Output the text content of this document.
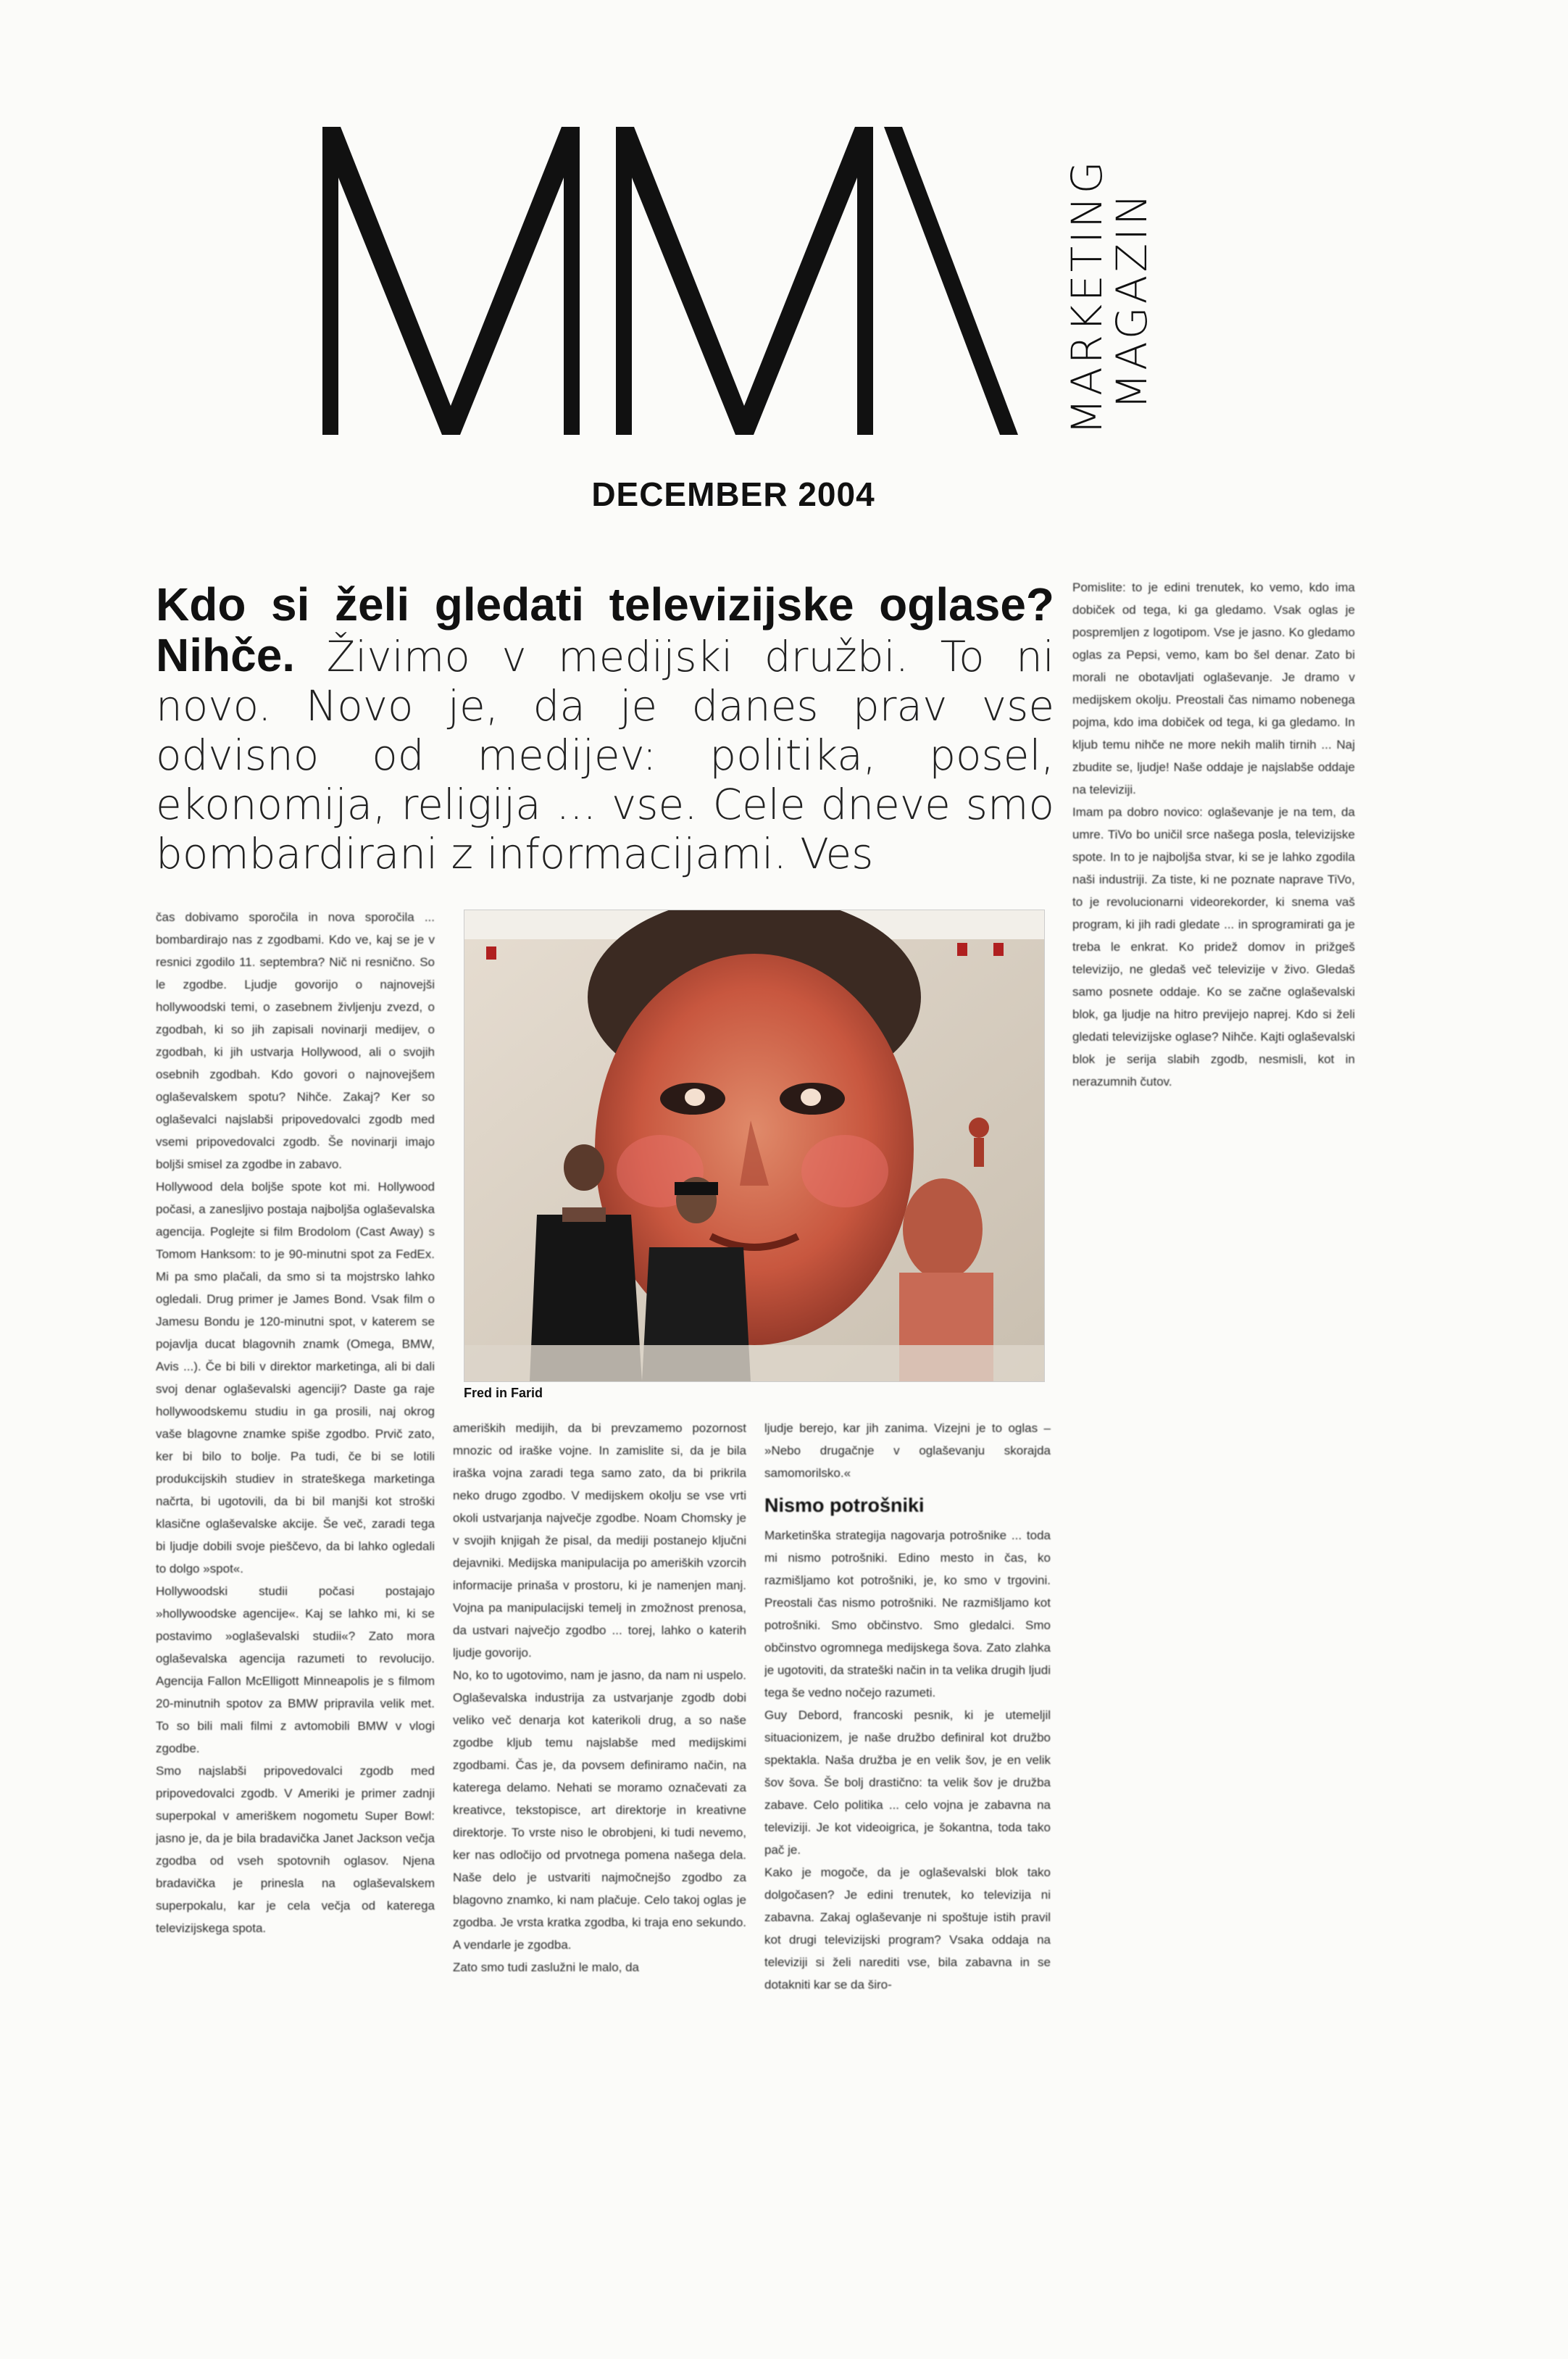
MARKETING
MAGAZIN
DECEMBER 2004
Kdo si želi gledati televizijske oglase? Nihče. Živimo v medijski družbi. To ni novo. Novo je, da je danes prav vse odvisno od medijev: politika, posel, ekonomija, religija ... vse. Cele dneve smo bombardirani z informacijami. Ves

čas dobivamo sporočila in nova sporočila ... bombardirajo nas z zgodbami. Kdo ve, kaj se je v resnici zgodilo 11. septembra? Nič ni resnično. So le zgodbe. Ljudje govorijo o najnovejši hollywoodski temi, o zasebnem življenju zvezd, o zgodbah, ki so jih zapisali novinarji medijev, o zgodbah, ki jih ustvarja Hollywood, ali o svojih osebnih zgodbah. Kdo govori o najnovejšem oglaševalskem spotu? Nihče. Zakaj? Ker so oglaševalci najslabši pripovedovalci zgodb med vsemi pripovedovalci zgodb. Še novinarji imajo boljši smisel za zgodbe in zabavo.

Hollywood dela boljše spote kot mi. Hollywood počasi, a zanesljivo postaja najboljša oglaševalska agencija. Poglejte si film Brodolom (Cast Away) s Tomom Hanksom: to je 90-minutni spot za FedEx. Mi pa smo plačali, da smo si ta mojstrsko lahko ogledali. Drug primer je James Bond. Vsak film o Jamesu Bondu je 120-minutni spot, v katerem se pojavlja ducat blagovnih znamk (Omega, BMW, Avis ...). Če bi bili v direktor marketinga, ali bi dali svoj denar oglaševalski agenciji? Daste ga raje hollywoodskemu studiu in ga prosili, naj okrog vaše blagovne znamke spiše zgodbo. Prvič zato, ker bi bilo to bolje. Pa tudi, če bi se lotili produkcijskih studiev in strateškega marketinga načrta, bi ugotovili, da bi bil manjši kot stroški klasične oglaševalske akcije. Še več, zaradi tega bi ljudje dobili svoje pieščevo, da bi lahko ogledali to dolgo »spot«.

Hollywoodski studii počasi postajajo »hollywoodske agencije«. Kaj se lahko mi, ki se postavimo »oglaševalski studii«? Zato mora oglaševalska agencija razumeti to revolucijo. Agencija Fallon McElligott Minneapolis je s filmom 20-minutnih spotov za BMW pripravila velik met. To so bili mali filmi z avtomobili BMW v vlogi zgodbe.

Smo najslabši pripovedovalci zgodb med pripovedovalci zgodb. V Ameriki je primer zadnji superpokal v ameriškem nogometu Super Bowl: jasno je, da je bila bradavička Janet Jackson večja zgodba od vseh spotovnih oglasov. Njena bradavička je prinesla na oglaševalskem superpokalu, kar je cela večja od katerega televizijskega spota.

Fred in Farid

ameriških medijih, da bi prevzamemo pozornost mnozic od iraške vojne. In zamislite si, da je bila iraška vojna zaradi tega samo zato, da bi prikrila neko drugo zgodbo. V medijskem okolju se vse vrti okoli ustvarjanja največje zgodbe. Noam Chomsky je v svojih knjigah že pisal, da mediji postanejo ključni dejavniki. Medijska manipulacija po ameriških vzorcih informacije prinaša v prostoru, ki je namenjen manj. Vojna pa manipulacijski temelj in zmožnost prenosa, da ustvari največjo zgodbo ... torej, lahko o katerih ljudje govorijo.

No, ko to ugotovimo, nam je jasno, da nam ni uspelo. Oglaševalska industrija za ustvarjanje zgodb dobi veliko več denarja kot katerikoli drug, a so naše zgodbe kljub temu najslabše med medijskimi zgodbami. Čas je, da povsem definiramo način, na katerega delamo. Nehati se moramo označevati za kreativce, tekstopisce, art direktorje in kreativne direktorje. To vrste niso le obrobjeni, ki tudi nevemo, ker nas odločijo od prvotnega pomena našega dela. Naše delo je ustvariti najmočnejšo zgodbo za blagovno znamko, ki nam plačuje. Celo takoj oglas je zgodba. Je vrsta kratka zgodba, ki traja eno sekundo. A vendarle je zgodba.

Zato smo tudi zaslužni le malo, da

ljudje berejo, kar jih zanima. Vizejni je to oglas – »Nebo drugačnje v oglaševanju skorajda samomorilsko.«

Nismo potrošniki

Marketinška strategija nagovarja potrošnike ... toda mi nismo potrošniki. Edino mesto in čas, ko razmišljamo kot potrošniki, je, ko smo v trgovini. Preostali čas nismo potrošniki. Ne razmišljamo kot potrošniki. Smo občinstvo. Smo gledalci. Smo občinstvo ogromnega medijskega šova. Zato zlahka je ugotoviti, da strateški način in ta velika drugih ljudi tega še vedno nočejo razumeti.

Guy Debord, francoski pesnik, ki je utemeljil situacionizem, je naše družbo definiral kot družbo spektakla. Naša družba je en velik šov, je en velik šov šova. Še bolj drastično: ta velik šov je družba zabave. Celo politika ... celo vojna je zabavna na televiziji. Je kot videoigrica, je šokantna, toda tako pač je.

Kako je mogoče, da je oglaševalski blok tako dolgočasen? Je edini trenutek, ko televizija ni zabavna. Zakaj oglaševanje ni spoštuje istih pravil kot drugi televizijski program? Vsaka oddaja na televiziji si želi narediti vse, bila zabavna in se dotakniti kar se da širo-

Pomislite: to je edini trenutek, ko vemo, kdo ima dobiček od tega, ki ga gledamo. Vsak oglas je pospremljen z logotipom. Vse je jasno. Ko gledamo oglas za Pepsi, vemo, kam bo šel denar. Zato bi morali ne obotavljati oglaševanje. Je dramo v medijskem okolju. Preostali čas nimamo nobenega pojma, kdo ima dobiček od tega, ki ga gledamo. In kljub temu nihče ne more nekih malih tirnih ... Naj zbudite se, ljudje! Naše oddaje je najslabše oddaje na televiziji.

Imam pa dobro novico: oglaševanje je na tem, da umre. TiVo bo uničil srce našega posla, televizijske spote. In to je najboljša stvar, ki se je lahko zgodila naši industriji. Za tiste, ki ne poznate naprave TiVo, to je revolucionarni videorekorder, ki snema vaš program, ki jih radi gledate ... in sprogramirati ga je treba le enkrat. Ko pridež domov in prižgeš televizijo, ne gledaš več televizije v živo. Gledaš samo posnete oddaje. Ko se začne oglaševalski blok, ga ljudje na hitro previjejo naprej. Kdo si želi gledati televizijske oglase? Nihče. Kajti oglaševalski blok je serija slabih zgodb, nesmisli, kot in nerazumnih čutov.
